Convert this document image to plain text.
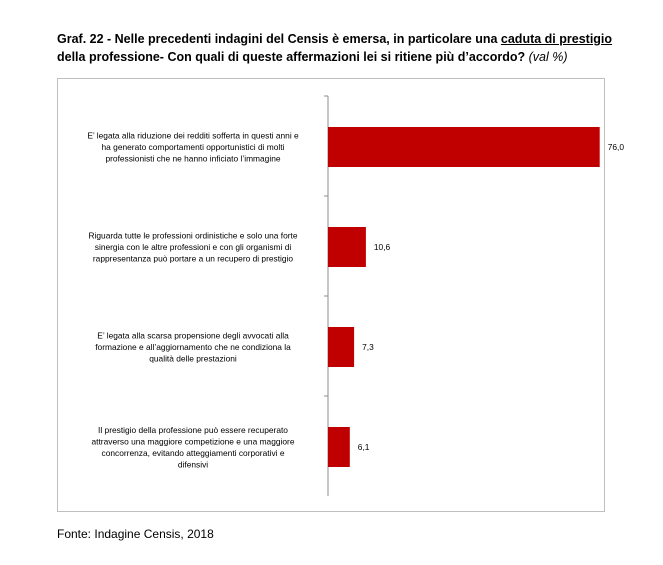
Graf. 22 - Nelle precedenti indagini del Censis è emersa, in particolare una caduta di prestigio
della professione- Con quali di queste affermazioni lei si ritiene più d’accordo? (val %)
76,0
E’ legata alla riduzione dei redditi sofferta in questi anni e ha generato comportamenti opportunistici di molti professionisti che ne hanno inficiato l’immagine
10,6
Riguarda tutte le professioni ordinistiche e solo una forte sinergia con le altre professioni e con gli organismi di rappresentanza può portare a un recupero di prestigio
7,3
E’ legata alla scarsa propensione degli avvocati alla formazione e all’aggiornamento che ne condiziona la qualità delle prestazioni
6,1
Il prestigio della professione può essere recuperato attraverso una maggiore competizione e una maggiore concorrenza, evitando atteggiamenti corporativi e difensivi
Fonte: Indagine Censis, 2018
